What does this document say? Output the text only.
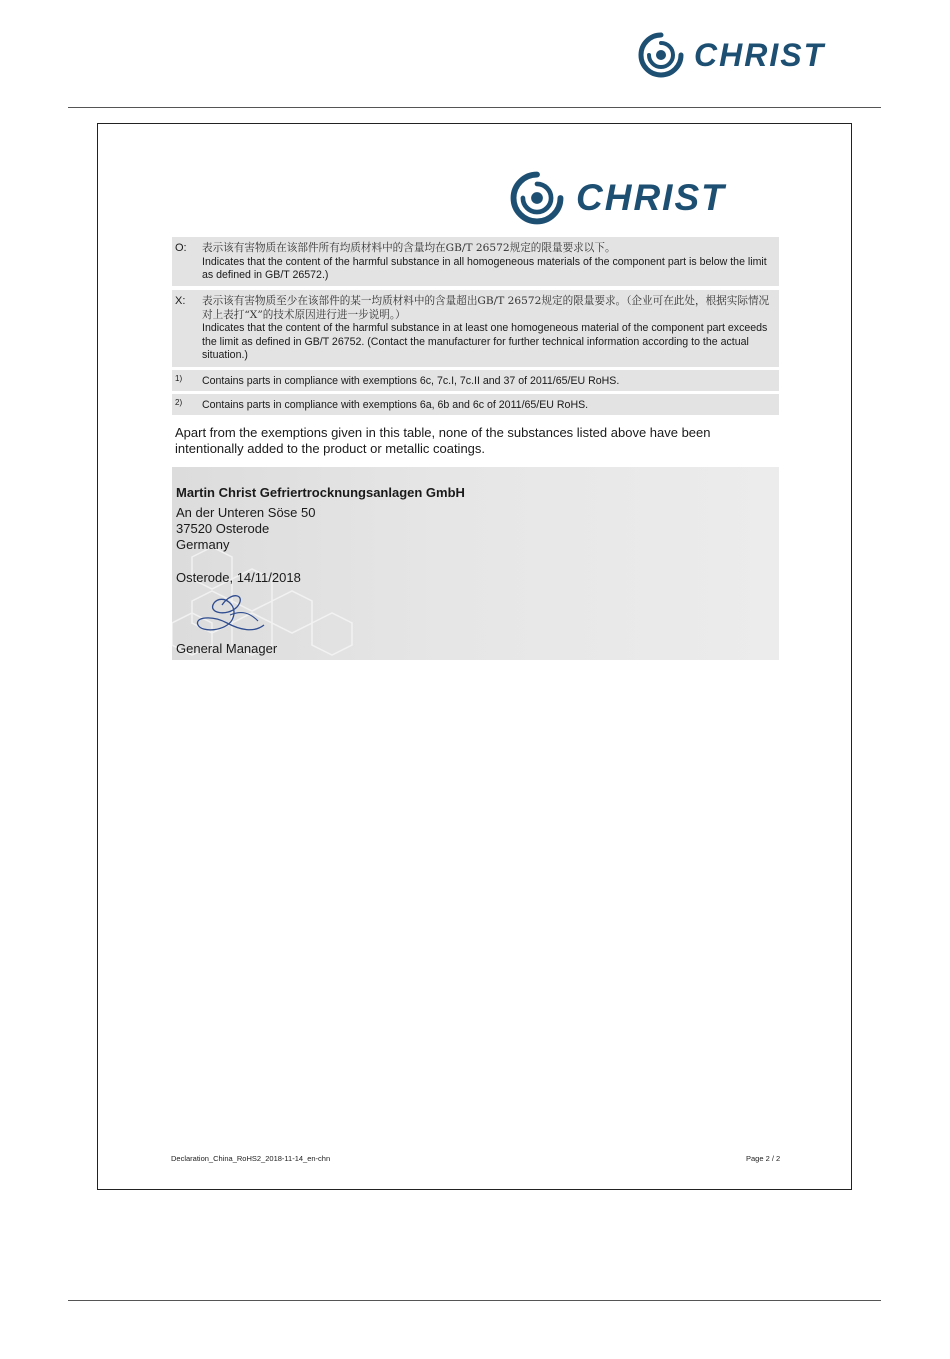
CHRIST
CHRIST
O: 表示该有害物质在该部件所有均质材料中的含量均在GB/T 26572规定的限量要求以下。
Indicates that the content of the harmful substance in all homogeneous materials of the component part is below the limit as defined in GB/T 26572.)
X: 表示该有害物质至少在该部件的某一均质材料中的含量超出GB/T 26572规定的限量要求。（企业可在此处，根据实际情况对上表打“X”的技术原因进行进一步说明。）
Indicates that the content of the harmful substance in at least one homogeneous material of the component part exceeds the limit as defined in GB/T 26752. (Contact the manufacturer for further technical information according to the actual situation.)
1) Contains parts in compliance with exemptions 6c, 7c.I, 7c.II and 37 of 2011/65/EU RoHS.
2) Contains parts in compliance with exemptions 6a, 6b and 6c of 2011/65/EU RoHS.
Apart from the exemptions given in this table, none of the substances listed above have been intentionally added to the product or metallic coatings.
Martin Christ Gefriertrocknungsanlagen GmbH
An der Unteren Söse 50
37520 Osterode
Germany
Osterode, 14/11/2018
General Manager
Declaration_China_RoHS2_2018-11-14_en-chn	Page 2 / 2
